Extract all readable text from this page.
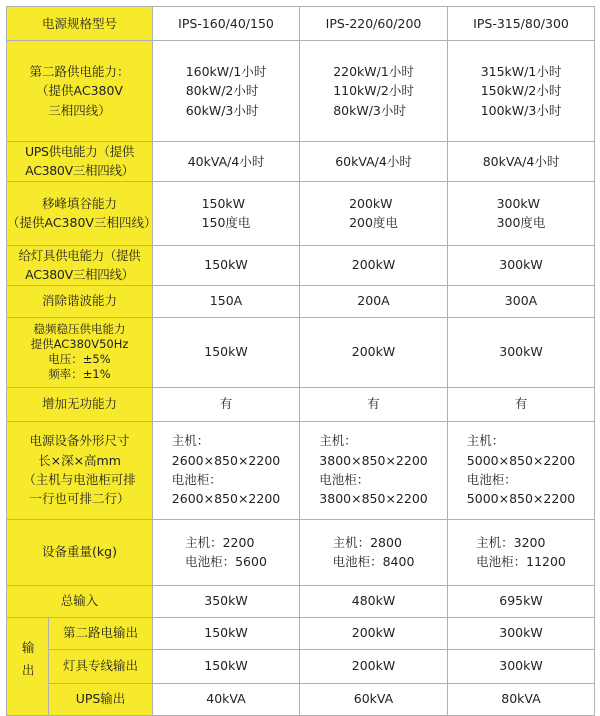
电源规格型号		IPS-160/40/150	IPS-220/60/200	IPS-315/80/300
第二路供电能力：
（提供AC380V
三相四线）		160kW/1小时
80kW/2小时
60kW/3小时	220kW/1小时
110kW/2小时
80kW/3小时	315kW/1小时
150kW/2小时
100kW/3小时
UPS供电能力（提供AC380V三相四线）		40kVA/4小时	60kVA/4小时	80kVA/4小时
移峰填谷能力
（提供AC380V三相四线）		150kW
150度电	200kW
200度电	300kW
300度电
给灯具供电能力（提供AC380V三相四线）		150kW	200kW	300kW
消除谐波能力		150A	200A	300A
稳频稳压供电能力
提供AC380V50Hz
电压：±5%
频率：±1%		150kW	200kW	300kW
增加无功能力		有	有	有
电源设备外形尺寸
长×深×高mm
（主机与电池柜可排
一行也可排二行）		主机：
2600×850×2200
电池柜：
2600×850×2200	主机：
3800×850×2200
电池柜：
3800×850×2200	主机：
5000×850×2200
电池柜：
5000×850×2200
设备重量(kg)		主机：2200
电池柜：5600	主机：2800
电池柜：8400	主机：3200
电池柜：11200
总输入		350kW	480kW	695kW
输出	第二路电输出	150kW	200kW	300kW
	灯具专线输出	150kW	200kW	300kW
	UPS输出	40kVA	60kVA	80kVA
